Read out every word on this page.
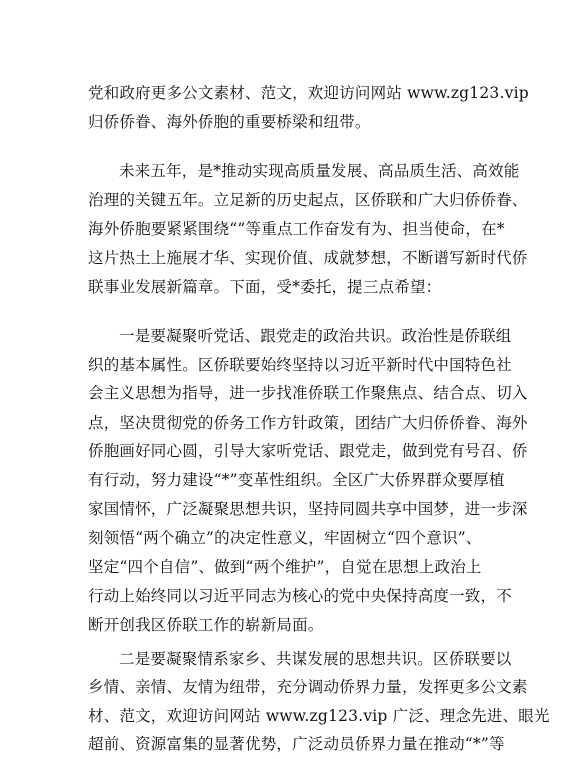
党和政府更多公文素材、范文，欢迎访问网站 www.zg123.vip
归侨侨眷、海外侨胞的重要桥梁和纽带。
未来五年，是*推动实现高质量发展、高品质生活、高效能
治理的关键五年。立足新的历史起点，区侨联和广大归侨侨眷、
海外侨胞要紧紧围绕“”等重点工作奋发有为、担当使命，在*
这片热土上施展才华、实现价值、成就梦想，不断谱写新时代侨
联事业发展新篇章。下面，受*委托，提三点希望：
一是要凝聚听党话、跟党走的政治共识。政治性是侨联组
织的基本属性。区侨联要始终坚持以习近平新时代中国特色社
会主义思想为指导，进一步找准侨联工作聚焦点、结合点、切入
点，坚决贯彻党的侨务工作方针政策，团结广大归侨侨眷、海外
侨胞画好同心圆，引导大家听党话、跟党走，做到党有号召、侨
有行动，努力建设“*”变革性组织。全区广大侨界群众要厚植
家国情怀，广泛凝聚思想共识，坚持同圆共享中国梦，进一步深
刻领悟“两个确立”的决定性意义，牢固树立“四个意识”、
坚定“四个自信”、做到“两个维护”，自觉在思想上政治上
行动上始终同以习近平同志为核心的党中央保持高度一致，不
断开创我区侨联工作的崭新局面。
二是要凝聚情系家乡、共谋发展的思想共识。区侨联要以
乡情、亲情、友情为纽带，充分调动侨界力量，发挥更多公文素
材、范文，欢迎访问网站 www.zg123.vip 广泛、理念先进、眼光
超前、资源富集的显著优势，广泛动员侨界力量在推动“*”等
